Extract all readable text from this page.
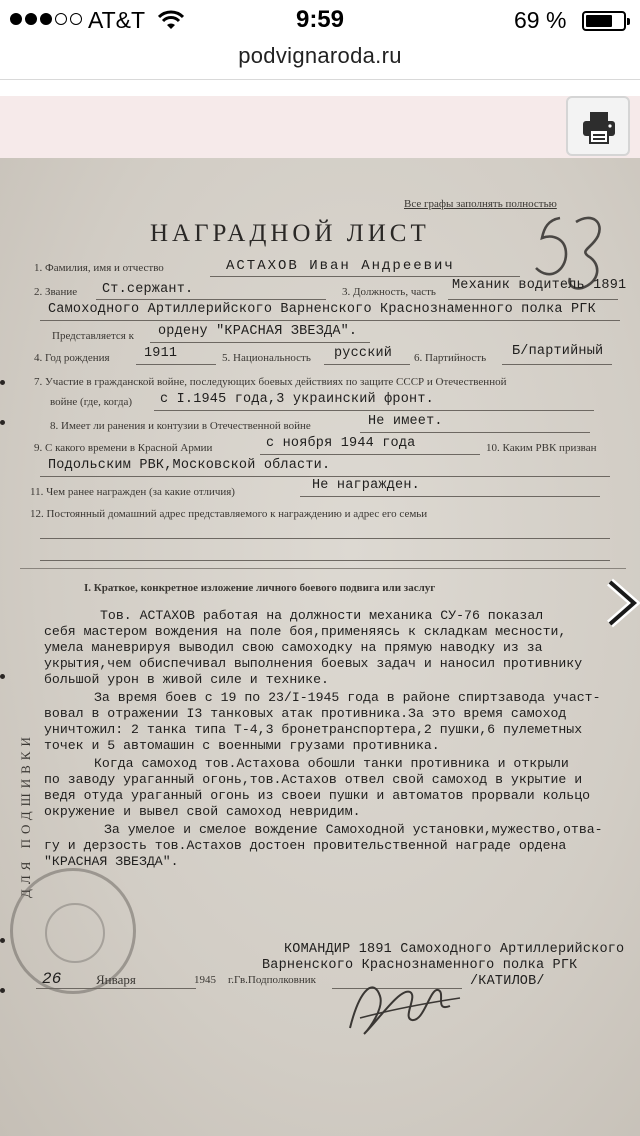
AT&T	9:59	69 %
podvignaroda.ru
Все графы заполнять полностью
НАГРАДНОЙ ЛИСТ
1. Фамилия, имя и отчество	АСТАХОВ Иван Андреевич
2. Звание Ст.сержант.	3. Должность, часть Механик водитель 1891
Самоходного Артиллерийского Варненского Краснознаменного полка РГК
Представляется к ордену "КРАСНАЯ ЗВЕЗДА".
4. Год рождения	1911	5. Национальность русский 6. Партийность Б/партийный
7. Участие в гражданской войне, последующих боевых действиях по защите СССР и Отечественной
войне (где, когда) с I.1945 года,3 украинский фронт.
8. Имеет ли ранения и контузии в Отечественной войне	Не имеет.
9. С какого времени в Красной Армии	с ноября 1944 года	10. Каким РВК призван
Подольским РВК,Московской области.
11. Чем ранее награжден (за какие отличия)	Не награжден.
12. Постоянный домашний адрес представляемого к награждению и адрес его семьи
ДЛЯ ПОДШИВКИ
I. Краткое, конкретное изложение личного боевого подвига или заслуг

Тов. АСТАХОВ работая на должности механика СУ-76 показал

себя мастером вождения на поле боя,применяясь к складкам месности,

умела маневрируя выводил свою самоходку на прямую наводку из за

укрытия,чем обиспечивал выполнения боевых задач и наносил противнику

большой урон в живой силе и технике.

За время боев с 19 по 23/I-1945 года в районе спиртзавода участ-

вовал в отражении I3 танковых атак противника.За это время самоход

уничтожил: 2 танка типа Т-4,3 бронетранспортера,2 пушки,6 пулеметных

точек и 5 автомашин с военными грузами противника.

Когда самоход тов.Астахова обошли танки противника и открыли

по заводу ураганный огонь,тов.Астахов отвел свой самоход в укрытие и

ведя отуда ураганный огонь из своеи пушки и автоматов прорвали кольцо

окружение и вывел свой самоход невридим.

За умелое и смелое вождение Самоходной установки,мужество,отва-

гу и дерзость тов.Астахов достоен провительственной награде ордена

"КРАСНАЯ ЗВЕЗДА".

КОМАНДИР 1891 Самоходного Артиллерийского
Варненского Краснознаменного полка РГК
26	Января	1945 г.Гв.Подполковник	/КАТИЛОВ/
